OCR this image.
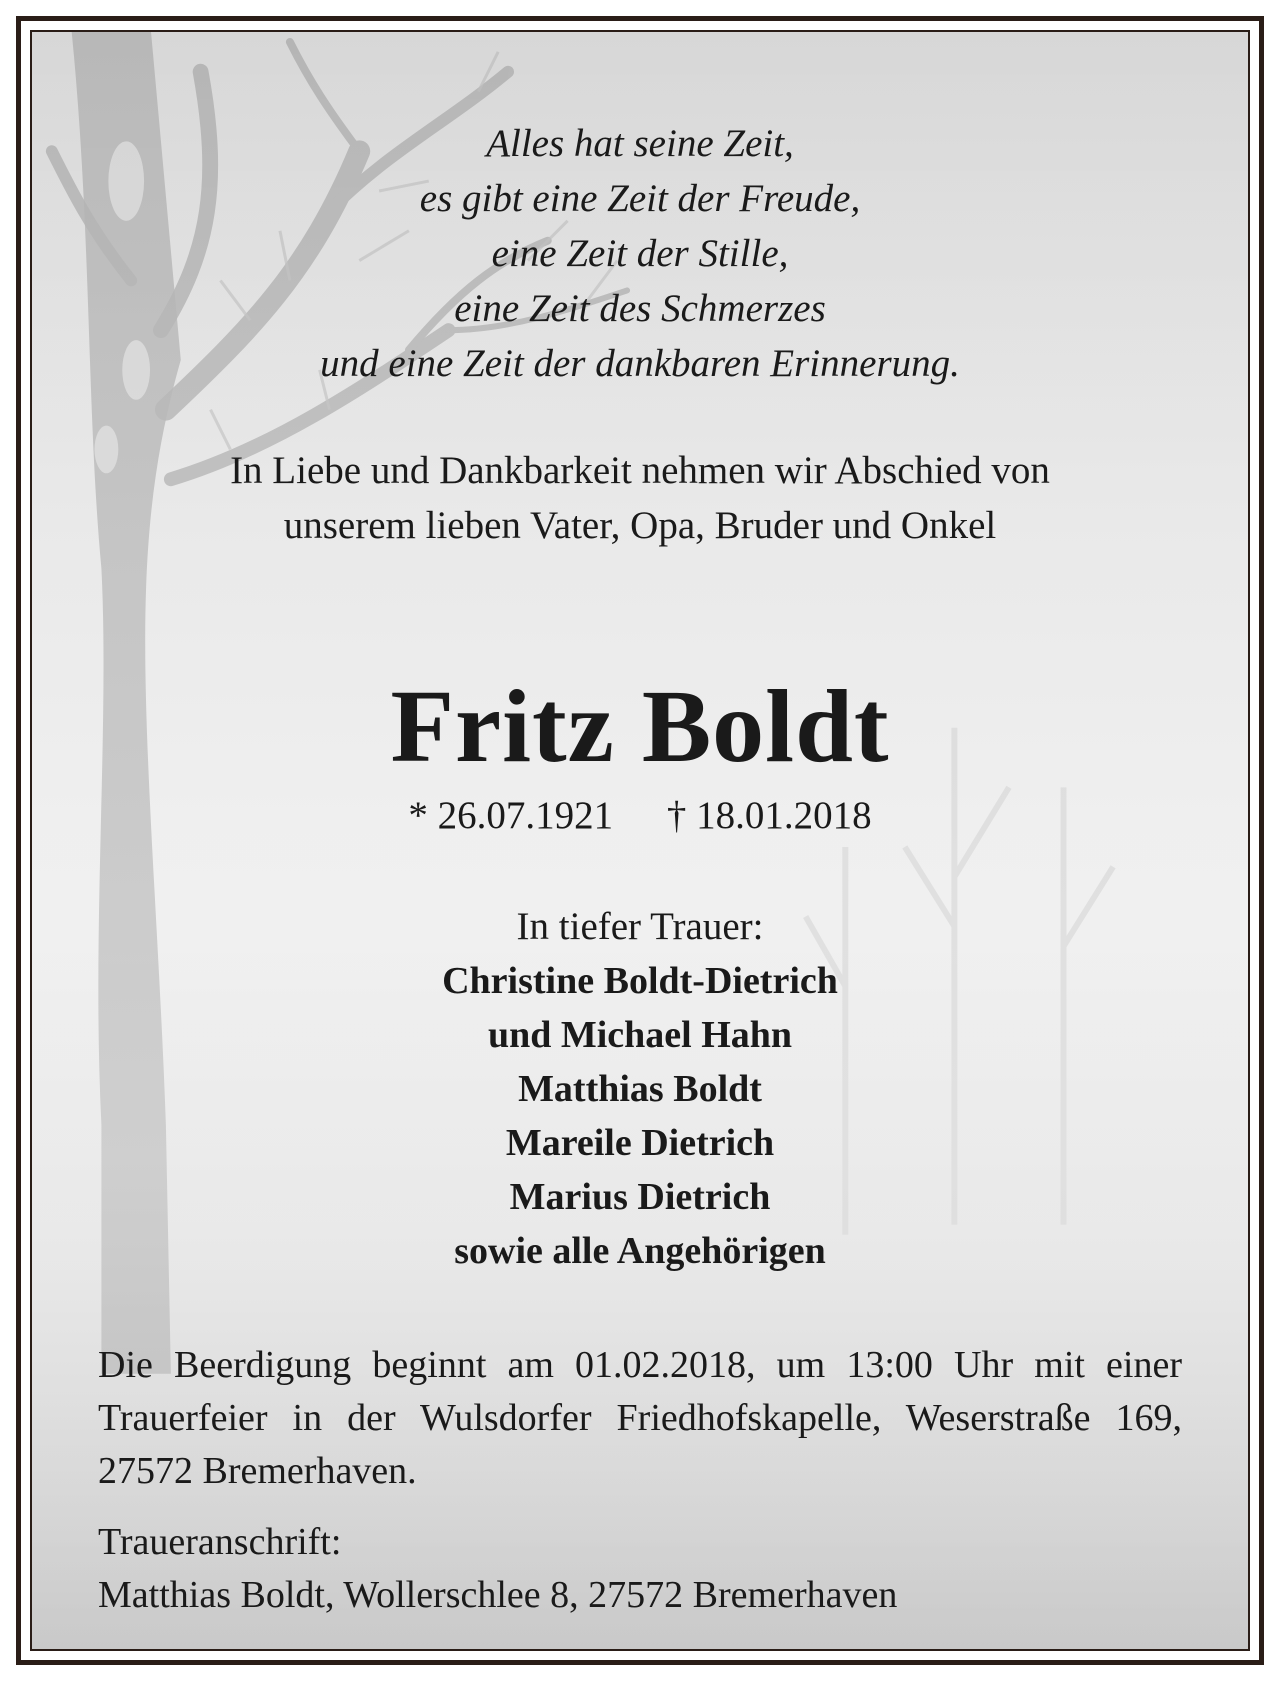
Alles hat seine Zeit,
es gibt eine Zeit der Freude,
eine Zeit der Stille,
eine Zeit des Schmerzes
und eine Zeit der dankbaren Erinnerung.
In Liebe und Dankbarkeit nehmen wir Abschied von
unserem lieben Vater, Opa, Bruder und Onkel
Fritz Boldt
* 26.07.1921 † 18.01.2018
In tiefer Trauer:
Christine Boldt-Dietrich
und Michael Hahn
Matthias Boldt
Mareile Dietrich
Marius Dietrich
sowie alle Angehörigen
Die Beerdigung beginnt am 01.02.2018, um 13:00 Uhr mit einer Trauerfeier in der Wulsdorfer Friedhofskapelle, Weserstraße 169, 27572 Bremerhaven.
Traueranschrift:
Matthias Boldt, Wollerschlee 8, 27572 Bremerhaven
